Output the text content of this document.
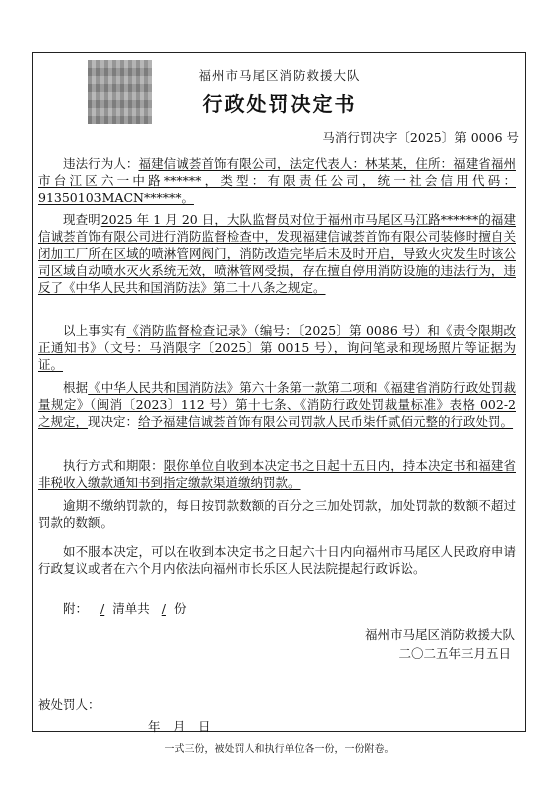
福州市马尾区消防救援大队
行政处罚决定书
马消行罚决字〔2025〕第 0006 号
违法行为人：福建信诚荟首饰有限公司，法定代表人：林某某，住所：福建省福州市台江区六一中路******，类型：有限责任公司，统一社会信用代码：91350103MACN******。
现查明2025 年 1 月 20 日，大队监督员对位于福州市马尾区马江路******的福建信诚荟首饰有限公司进行消防监督检查中，发现福建信诚荟首饰有限公司装修时擅自关闭加工厂所在区域的喷淋管网阀门，消防改造完毕后未及时开启，导致火灾发生时该公司区域自动喷水灭火系统无效，喷淋管网受损，存在擅自停用消防设施的违法行为，违反了《中华人民共和国消防法》第二十八条之规定。
以上事实有《消防监督检查记录》（编号：〔2025〕第 0086 号）和《责令限期改正通知书》（文号：马消限字〔2025〕第 0015 号），询问笔录和现场照片等证据为证。
根据《中华人民共和国消防法》第六十条第一款第二项和《福建省消防行政处罚裁量规定》（闽消〔2023〕112 号）第十七条、《消防行政处罚裁量标准》表格 002-2 之规定，现决定：给予福建信诚荟首饰有限公司罚款人民币柒仟贰佰元整的行政处罚。
执行方式和期限：限你单位自收到本决定书之日起十五日内，持本决定书和福建省非税收入缴款通知书到指定缴款渠道缴纳罚款。
逾期不缴纳罚款的，每日按罚款数额的百分之三加处罚款，加处罚款的数额不超过罚款的数额。
如不服本决定，可以在收到本决定书之日起六十日内向福州市马尾区人民政府申请行政复议或者在六个月内依法向福州市长乐区人民法院提起行政诉讼。
附： / 清单共 / 份
福州市马尾区消防救援大队
二〇二五年三月五日
被处罚人：
年　月　日
一式三份，被处罚人和执行单位各一份，一份附卷。
